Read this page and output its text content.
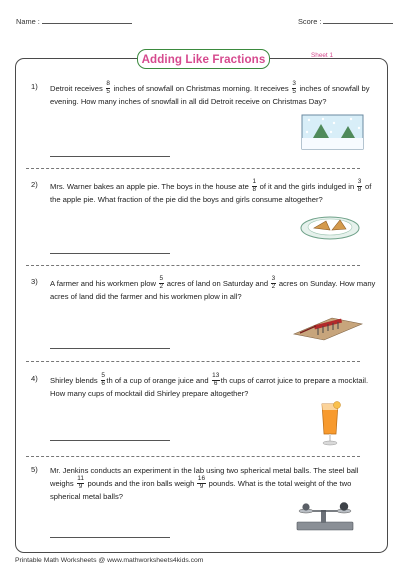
Name :	Score :
Adding Like Fractions	Sheet 1
1) Detroit receives $\frac{8}{5}$ inches of snowfall on Christmas morning. It receives $\frac{3}{5}$ inches of snowfall by evening. How many inches of snowfall in all did Detroit receive on Christmas Day?
2) Mrs. Warner bakes an apple pie. The boys in the house ate $\frac{1}{8}$ of it and the girls indulged in $\frac{3}{8}$ of the apple pie. What fraction of the pie did the boys and girls consume altogether?
3) A farmer and his workmen plow $\frac{5}{2}$ acres of land on Saturday and $\frac{3}{2}$ acres on Sunday. How many acres of land did the farmer and his workmen plow in all?
4) Shirley blends $\frac{5}{6}$ th of a cup of orange juice and $\frac{13}{6}$ th cups of carrot juice to prepare a mocktail. How many cups of mocktail did Shirley prepare altogether?
5) Mr. Jenkins conducts an experiment in the lab using two spherical metal balls. The steel ball weighs $\frac{11}{9}$ pounds and the iron balls weigh $\frac{16}{9}$ pounds. What is the total weight of the two spherical metal balls?
Printable Math Worksheets @ www.mathworksheets4kids.com
